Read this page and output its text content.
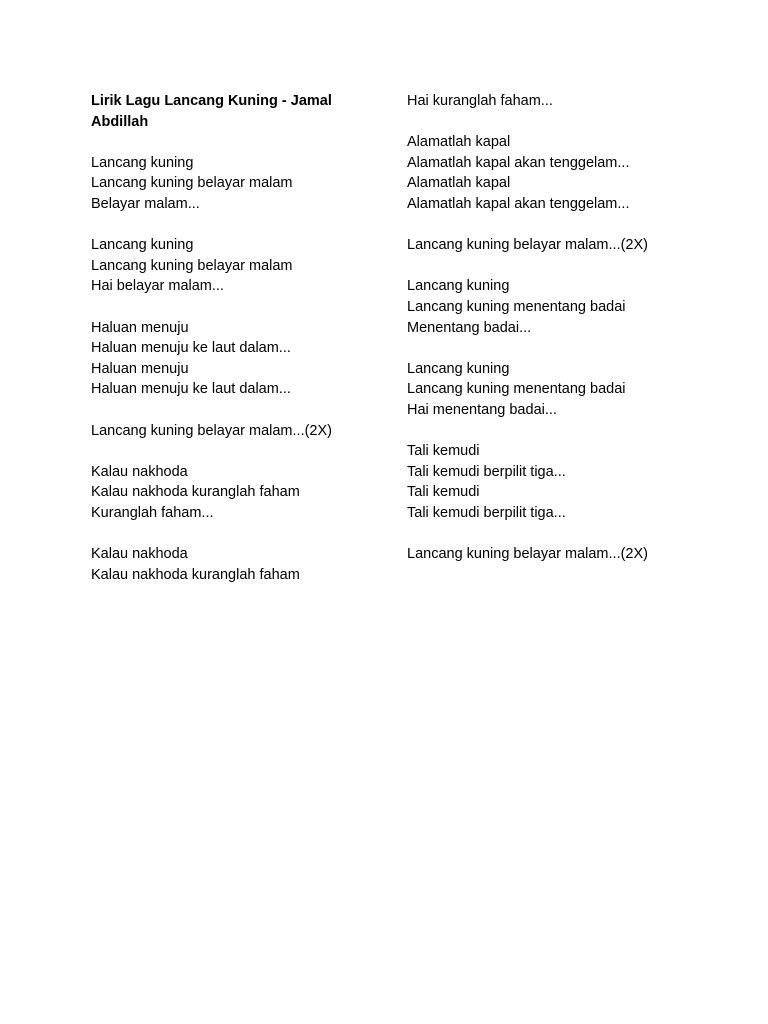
Lirik Lagu Lancang Kuning - Jamal Abdillah

Lancang kuning

Lancang kuning belayar malam

Belayar malam...

Lancang kuning

Lancang kuning belayar malam

Hai belayar malam...

Haluan menuju

Haluan menuju ke laut dalam...

Haluan menuju

Haluan menuju ke laut dalam...

Lancang kuning belayar malam...(2X)

Kalau nakhoda

Kalau nakhoda kuranglah faham

Kuranglah faham...

Kalau nakhoda

Kalau nakhoda kuranglah faham

Hai kuranglah faham...

Alamatlah kapal

Alamatlah kapal akan tenggelam...

Alamatlah kapal

Alamatlah kapal akan tenggelam...

Lancang kuning belayar malam...(2X)

Lancang kuning

Lancang kuning menentang badai

Menentang badai...

Lancang kuning

Lancang kuning menentang badai

Hai menentang badai...

Tali kemudi

Tali kemudi berpilit tiga...

Tali kemudi

Tali kemudi berpilit tiga...

Lancang kuning belayar malam...(2X)
